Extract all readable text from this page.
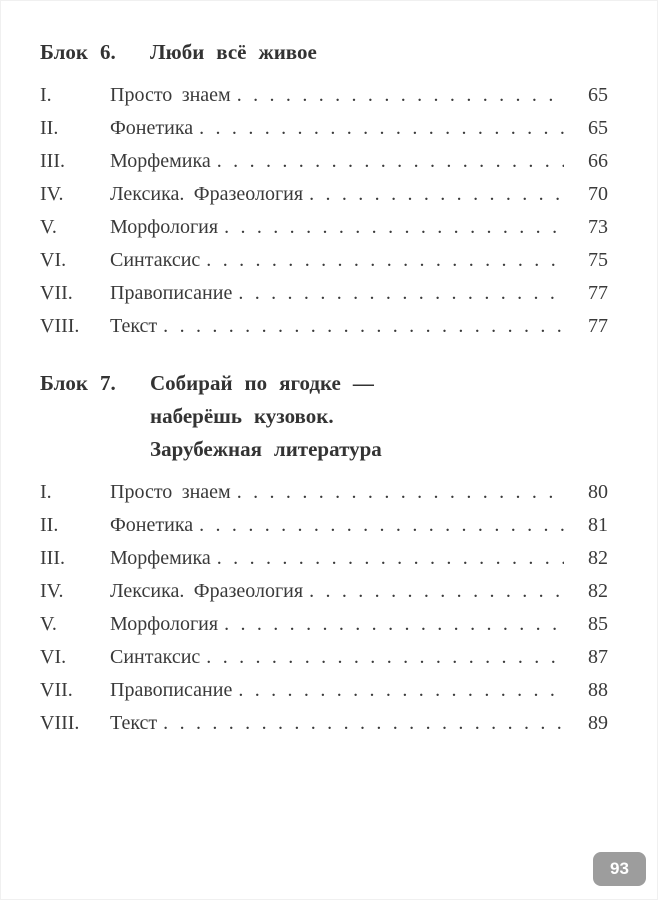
Блок 6.	Люби всё живое
I.	Просто знаем . . .	65
II.	Фонетика . . .	65
III.	Морфемика . . .	66
IV.	Лексика. Фразеология . . .	70
V.	Морфология . . .	73
VI.	Синтаксис . . .	75
VII.	Правописание . . .	77
VIII.	Текст . . .	77
Блок 7.	Собирай по ягодке —
наберёшь кузовок.
Зарубежная литература
I.	Просто знаем . . .	80
II.	Фонетика . . .	81
III.	Морфемика . . .	82
IV.	Лексика. Фразеология . . .	82
V.	Морфология . . .	85
VI.	Синтаксис . . .	87
VII.	Правописание . . .	88
VIII.	Текст . . .	89
93
